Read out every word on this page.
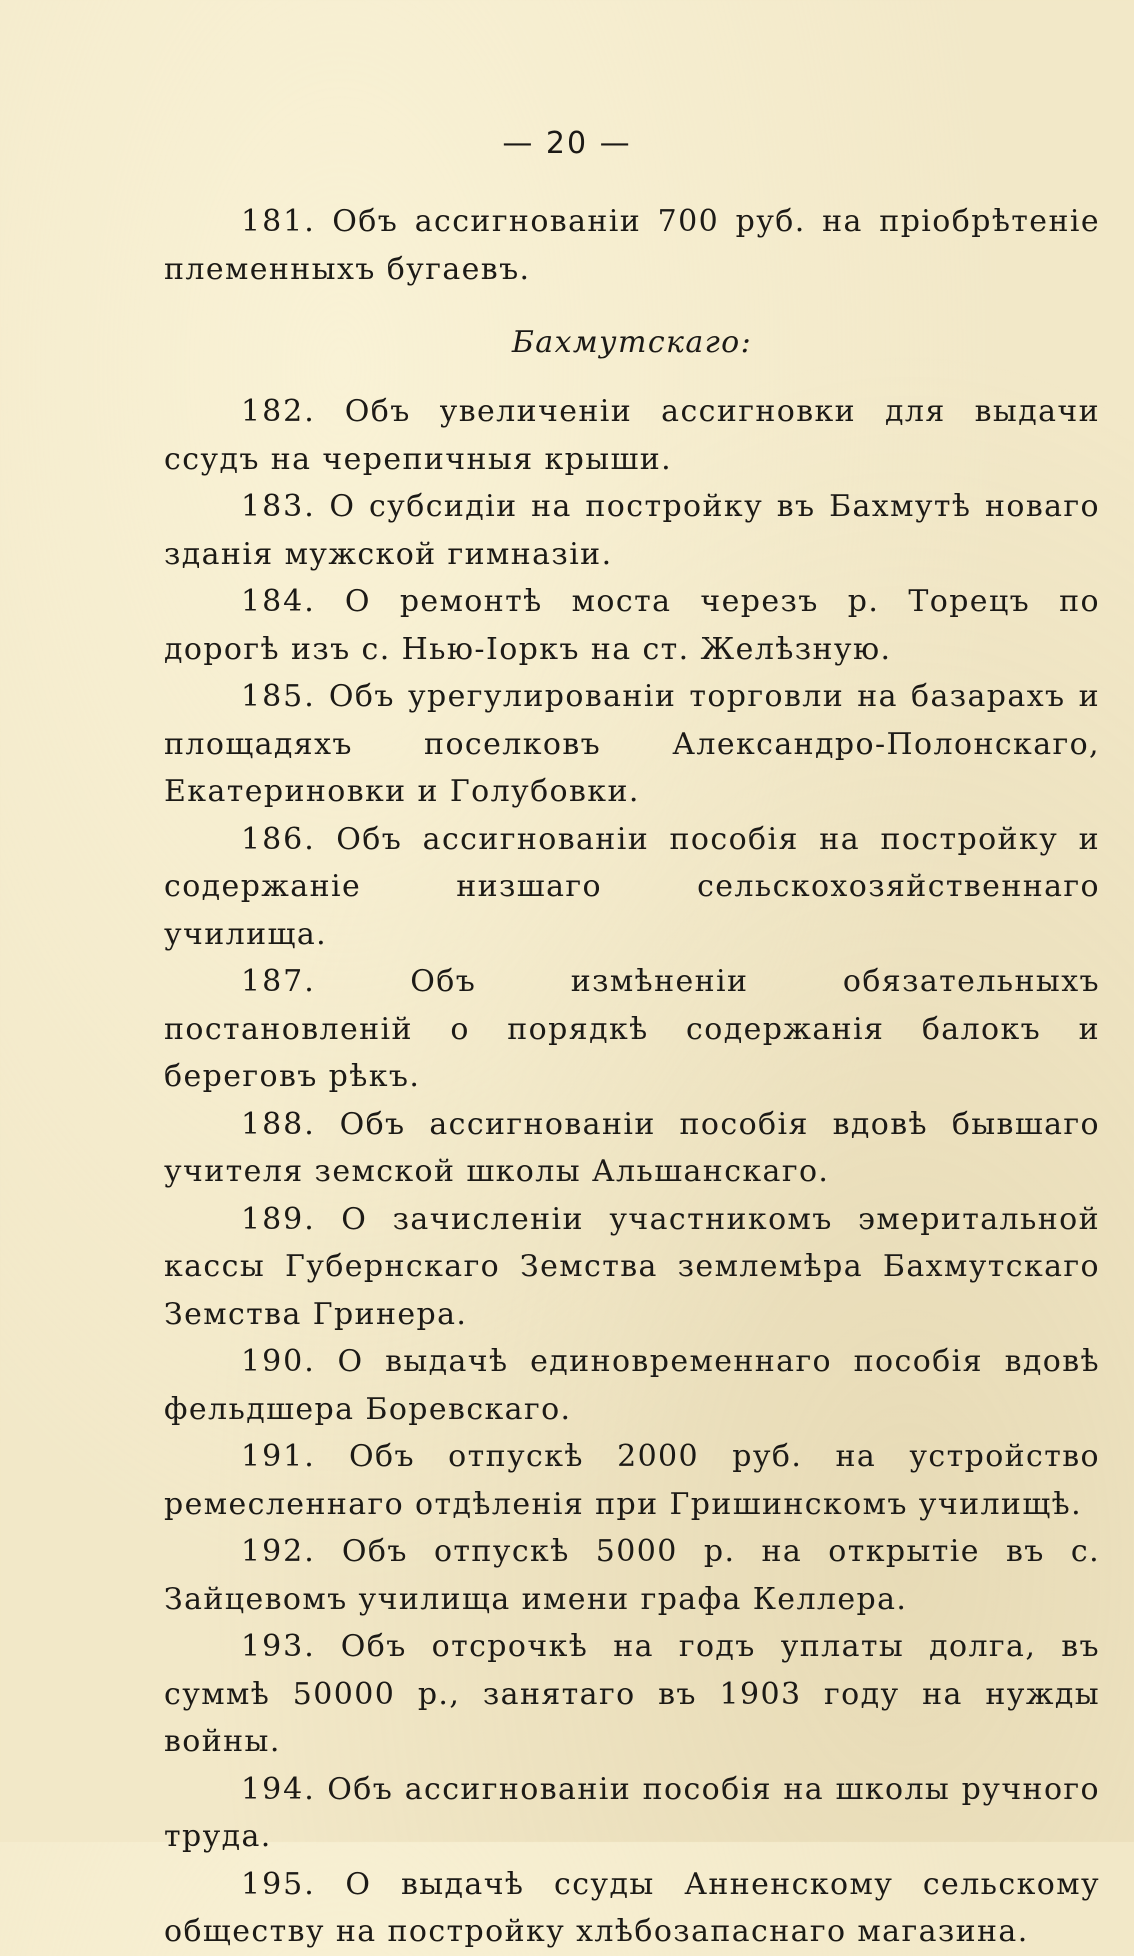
— 20 —

181. Объ ассигнованіи 700 руб. на пріобрѣтеніе племенныхъ бугаевъ.

Бахмутскаго:

182. Объ увеличеніи ассигновки для выдачи ссудъ на черепичныя крыши.

183. О субсидіи на постройку въ Бахмутѣ новаго зданія мужской гимназіи.

184. О ремонтѣ моста черезъ р. Торецъ по дорогѣ изъ с. Нью-Іоркъ на ст. Желѣзную.

185. Объ урегулированіи торговли на базарахъ и площадяхъ поселковъ Александро-Полонскаго, Екатериновки и Голубовки.

186. Объ ассигнованіи пособія на постройку и содержаніе низшаго сельскохозяйственнаго училища.

187.	Объ измѣненіи обязательныхъ постановленій о порядкѣ содержанія балокъ и береговъ рѣкъ.

188. Объ ассигнованіи пособія вдовѣ бывшаго учителя земской школы Альшанскаго.

189. О зачисленіи участникомъ эмеритальной кассы Губернскаго Земства землемѣра Бахмутскаго Земства Гринера.

190. О выдачѣ единовременнаго пособія вдовѣ фельдшера Боревскаго.

191. Объ отпускѣ 2000 руб. на устройство ремесленнаго отдѣленія при Гришинскомъ училищѣ.

192. Объ отпускѣ 5000 р. на открытіе въ с. Зайцевомъ училища имени графа Келлера.

193. Объ отсрочкѣ на годъ уплаты долга, въ суммѣ 50000 р., занятаго въ 1903 году на нужды войны.

194. Объ ассигнованіи пособія на школы ручного труда.

195. О выдачѣ ссуды Анненскому сельскому обществу на постройку хлѣбозапаснаго магазина.
